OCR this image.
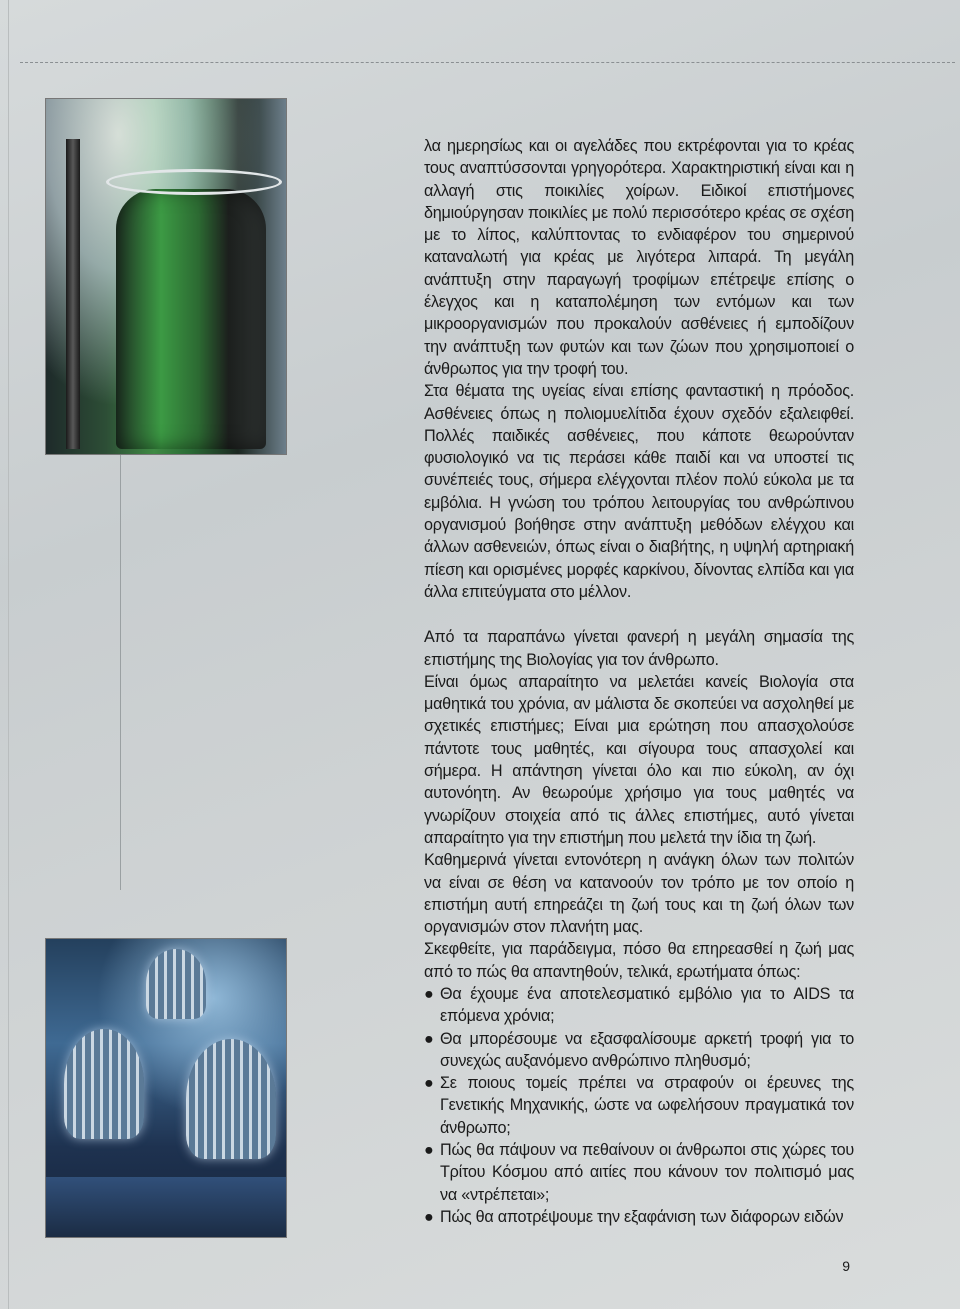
λα ημερησίως και οι αγελάδες που εκτρέφονται για το κρέας τους αναπτύσσονται γρηγορότερα. Χαρακτηριστική είναι και η αλλαγή στις ποικιλίες χοίρων. Ειδικοί επιστήμονες δημιούργησαν ποικιλίες με πολύ περισσότερο κρέας σε σχέση με το λίπος, καλύπτοντας το ενδιαφέρον του σημερινού καταναλωτή για κρέας με λιγότερα λιπαρά. Τη μεγάλη ανάπτυξη στην παραγωγή τροφίμων επέτρεψε επίσης ο έλεγχος και η καταπολέμηση των εντόμων και των μικροοργανισμών που προκαλούν ασθένειες ή εμποδίζουν την ανάπτυξη των φυτών και των ζώων που χρησιμοποιεί ο άνθρωπος για την τροφή του.

Στα θέματα της υγείας είναι επίσης φανταστική η πρόοδος. Ασθένειες όπως η πολιομυελίτιδα έχουν σχεδόν εξαλειφθεί. Πολλές παιδικές ασθένειες, που κάποτε θεωρούνταν φυσιολογικό να τις περάσει κάθε παιδί και να υποστεί τις συνέπειές τους, σήμερα ελέγχονται πλέον πολύ εύκολα με τα εμβόλια. Η γνώση του τρόπου λειτουργίας του ανθρώπινου οργανισμού βοήθησε στην ανάπτυξη μεθόδων ελέγχου και άλλων ασθενειών, όπως είναι ο διαβήτης, η υψηλή αρτηριακή πίεση και ορισμένες μορφές καρκίνου, δίνοντας ελπίδα και για άλλα επιτεύγματα στο μέλλον.

Από τα παραπάνω γίνεται φανερή η μεγάλη σημασία της επιστήμης της Βιολογίας για τον άνθρωπο.

Είναι όμως απαραίτητο να μελετάει κανείς Βιολογία στα μαθητικά του χρόνια, αν μάλιστα δε σκοπεύει να ασχοληθεί με σχετικές επιστήμες; Είναι μια ερώτηση που απασχολούσε πάντοτε τους μαθητές, και σίγουρα τους απασχολεί και σήμερα. Η απάντηση γίνεται όλο και πιο εύκολη, αν όχι αυτονόητη. Αν θεωρούμε χρήσιμο για τους μαθητές να γνωρίζουν στοιχεία από τις άλλες επιστήμες, αυτό γίνεται απαραίτητο για την επιστήμη που μελετά την ίδια τη ζωή.

Καθημερινά γίνεται εντονότερη η ανάγκη όλων των πολιτών να είναι σε θέση να κατανοούν τον τρόπο με τον οποίο η επιστήμη αυτή επηρεάζει τη ζωή τους και τη ζωή όλων των οργανισμών στον πλανήτη μας.

Σκεφθείτε, για παράδειγμα, πόσο θα επηρεασθεί η ζωή μας από το πώς θα απαντηθούν, τελικά, ερωτήματα όπως:

● Θα έχουμε ένα αποτελεσματικό εμβόλιο για το AIDS τα επόμενα χρόνια;
● Θα μπορέσουμε να εξασφαλίσουμε αρκετή τροφή για το συνεχώς αυξανόμενο ανθρώπινο πληθυσμό;
● Σε ποιους τομείς πρέπει να στραφούν οι έρευνες της Γενετικής Μηχανικής, ώστε να ωφελήσουν πραγματικά τον άνθρωπο;
● Πώς θα πάψουν να πεθαίνουν οι άνθρωποι στις χώρες του Τρίτου Κόσμου από αιτίες που κάνουν τον πολιτισμό μας να «ντρέπεται»;
● Πώς θα αποτρέψουμε την εξαφάνιση των διάφορων ειδών
9
